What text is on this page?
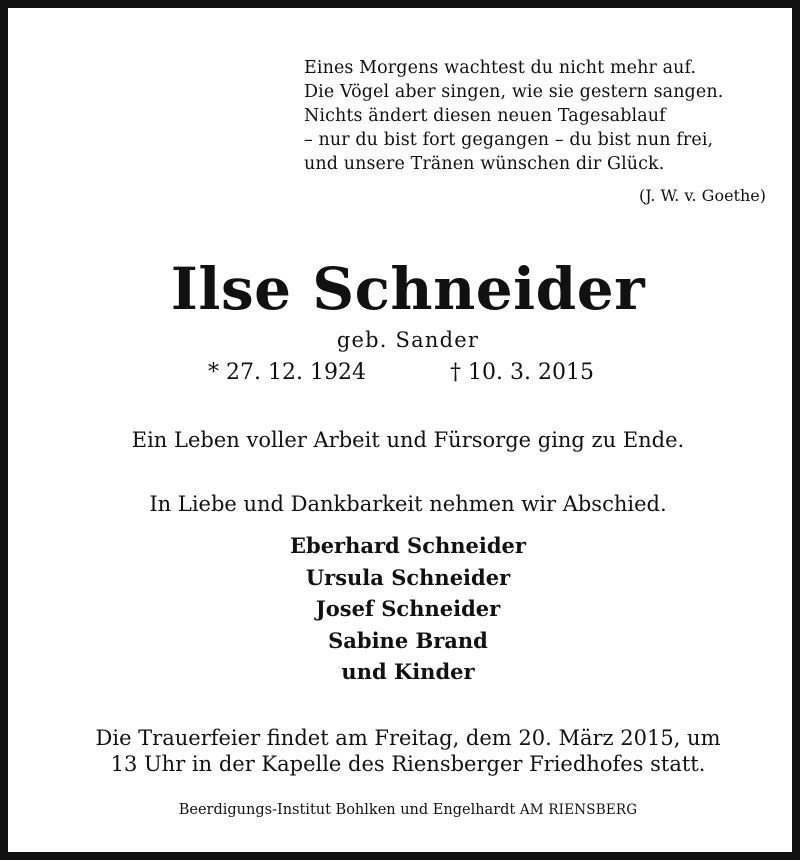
Eines Morgens wachtest du nicht mehr auf.
Die Vögel aber singen, wie sie gestern sangen.
Nichts ändert diesen neuen Tagesablauf
– nur du bist fort gegangen – du bist nun frei,
und unsere Tränen wünschen dir Glück.
(J. W. v. Goethe)
Ilse Schneider
geb. Sander
* 27. 12. 1924	† 10. 3. 2015
Ein Leben voller Arbeit und Fürsorge ging zu Ende.
In Liebe und Dankbarkeit nehmen wir Abschied.
Eberhard Schneider
Ursula Schneider
Josef Schneider
Sabine Brand
und Kinder
Die Trauerfeier findet am Freitag, dem 20. März 2015, um
13 Uhr in der Kapelle des Riensberger Friedhofes statt.
Beerdigungs-Institut Bohlken und Engelhardt AM RIENSBERG
